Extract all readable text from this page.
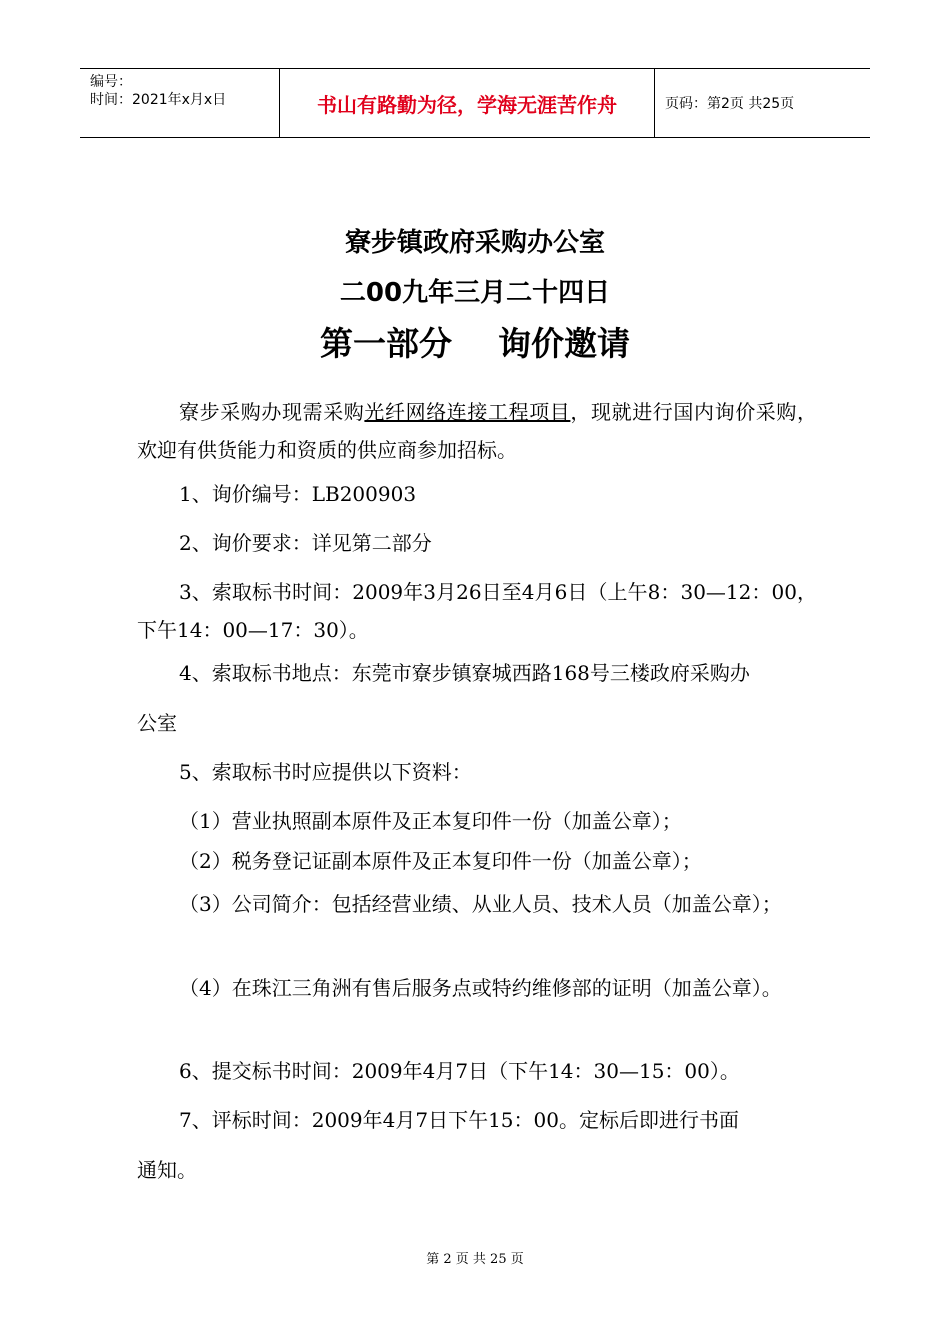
编号：
时间：2021年x月x日	书山有路勤为径，学海无涯苦作舟	页码：第2页 共25页
寮步镇政府采购办公室
二00九年三月二十四日
第一部分 询价邀请
寮步采购办现需采购光纤网络连接工程项目，现就进行国内询价采购，欢迎有供货能力和资质的供应商参加招标。
1、询价编号：LB200903
2、询价要求：详见第二部分
3、索取标书时间：2009年3月26日至4月6日（上午8：30—12：00，下午14：00—17：30）。
4、索取标书地点：东莞市寮步镇寮城西路168号三楼政府采购办
公室
5、索取标书时应提供以下资料：
（1）营业执照副本原件及正本复印件一份（加盖公章）；
（2）税务登记证副本原件及正本复印件一份（加盖公章）；
（3）公司简介：包括经营业绩、从业人员、技术人员（加盖公章）；
（4）在珠江三角洲有售后服务点或特约维修部的证明（加盖公章）。
6、提交标书时间：2009年4月7日（下午14：30—15：00）。
7、评标时间：2009年4月7日下午15：00。定标后即进行书面
通知。
第 2 页 共 25 页
